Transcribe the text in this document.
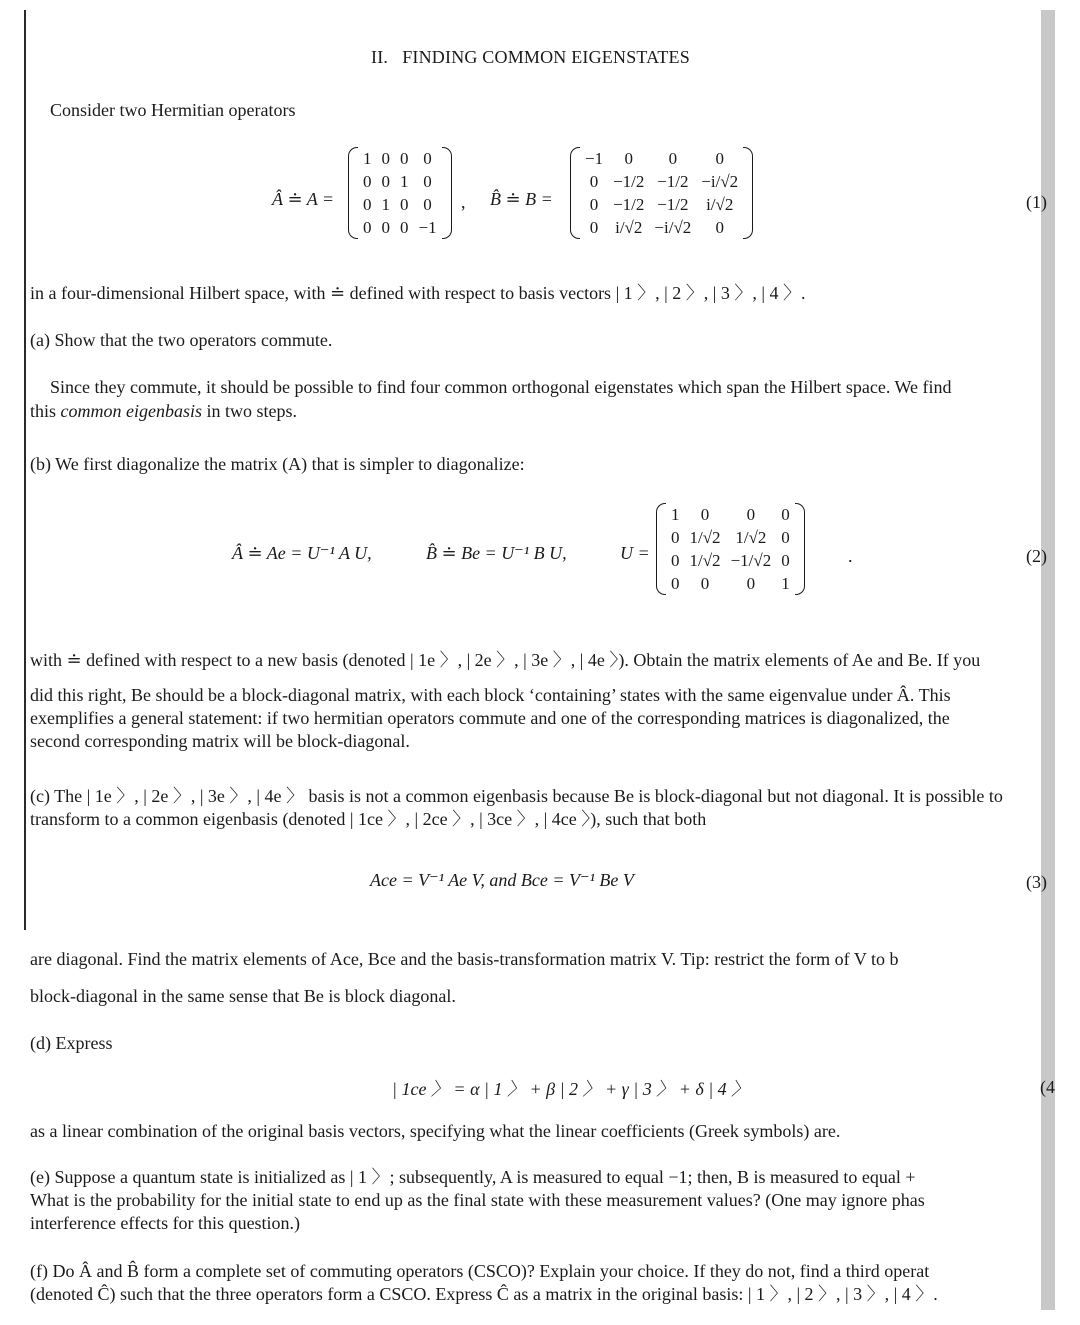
II. FINDING COMMON EIGENSTATES
Consider two Hermitian operators
Â ≐ A =
1	0	0	0
0	0	1	0
0	1	0	0
0	0	0	−1
, B̂ ≐ B =
−1	0	0	0
0	−1/2	−1/2	−i/√2
0	−1/2	−1/2	i/√2
0	i/√2	−i/√2	0
(1)
in a four-dimensional Hilbert space, with ≐ defined with respect to basis vectors | 1 〉, | 2 〉, | 3 〉, | 4 〉.
(a) Show that the two operators commute.
Since they commute, it should be possible to find four common orthogonal eigenstates which span the Hilbert space. We find
this common eigenbasis in two steps.
(b) We first diagonalize the matrix (A) that is simpler to diagonalize:
Â ≐ Ae = U⁻¹ A U,	B̂ ≐ Be = U⁻¹ B U,	U =
1	0	0	0
0	1/√2	1/√2	0
0	1/√2	−1/√2	0
0	0	0	1
.	(2)
with ≐ defined with respect to a new basis (denoted | 1e 〉, | 2e 〉, | 3e 〉, | 4e 〉). Obtain the matrix elements of Ae and Be. If you
did this right, Be should be a block-diagonal matrix, with each block ‘containing’ states with the same eigenvalue under Â. This
exemplifies a general statement: if two hermitian operators commute and one of the corresponding matrices is diagonalized, the
second corresponding matrix will be block-diagonal.
(c) The | 1e 〉, | 2e 〉, | 3e 〉, | 4e 〉 basis is not a common eigenbasis because Be is block-diagonal but not diagonal. It is possible to
transform to a common eigenbasis (denoted | 1ce 〉, | 2ce 〉, | 3ce 〉, | 4ce 〉), such that both
Ace = V⁻¹ Ae V, and Bce = V⁻¹ Be V	(3)
are diagonal. Find the matrix elements of Ace, Bce and the basis-transformation matrix V. Tip: restrict the form of V to b
block-diagonal in the same sense that Be is block diagonal.
(d) Express
| 1ce 〉 = α | 1 〉 + β | 2 〉 + γ | 3 〉 + δ | 4 〉	(4
as a linear combination of the original basis vectors, specifying what the linear coefficients (Greek symbols) are.
(e) Suppose a quantum state is initialized as | 1 〉; subsequently, A is measured to equal −1; then, B is measured to equal +
What is the probability for the initial state to end up as the final state with these measurement values? (One may ignore phas
interference effects for this question.)
(f) Do Â and B̂ form a complete set of commuting operators (CSCO)? Explain your choice. If they do not, find a third operat
(denoted Ĉ) such that the three operators form a CSCO. Express Ĉ as a matrix in the original basis: | 1 〉, | 2 〉, | 3 〉, | 4 〉.
